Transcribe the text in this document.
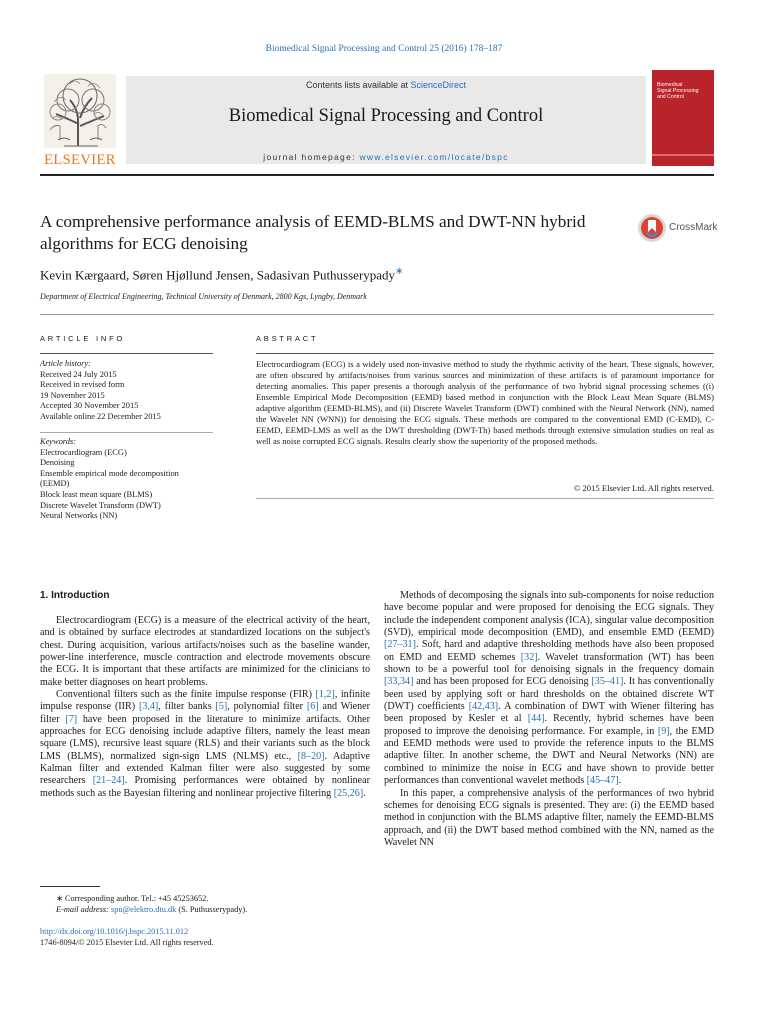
Biomedical Signal Processing and Control 25 (2016) 178–187
ELSEVIER
Contents lists available at ScienceDirect
Biomedical Signal Processing and Control
journal homepage: www.elsevier.com/locate/bspc
Biomedical
Signal Processing
and Control
A comprehensive performance analysis of EEMD-BLMS and DWT-NN hybrid algorithms for ECG denoising
CrossMark
Kevin Kærgaard, Søren Hjøllund Jensen, Sadasivan Puthusserypady∗
Department of Electrical Engineering, Technical University of Denmark, 2800 Kgs, Lyngby, Denmark
ARTICLE INFO
Article history:
Received 24 July 2015
Received in revised form
19 November 2015
Accepted 30 November 2015
Available online 22 December 2015
Keywords:
Electrocardiogram (ECG)
Denoising
Ensemble empirical mode decomposition
(EEMD)
Block least mean square (BLMS)
Discrete Wavelet Transform (DWT)
Neural Networks (NN)
ABSTRACT
Electrocardiogram (ECG) is a widely used non-invasive method to study the rhythmic activity of the heart. These signals, however, are often obscured by artifacts/noises from various sources and minimization of these artifacts is of paramount importance for detecting anomalies. This paper presents a thorough analysis of the performance of two hybrid signal processing schemes ((i) Ensemble Empirical Mode Decomposition (EEMD) based method in conjunction with the Block Least Mean Square (BLMS) adaptive algorithm (EEMD-BLMS), and (ii) Discrete Wavelet Transform (DWT) combined with the Neural Network (NN), named the Wavelet NN (WNN)) for denoising the ECG signals. These methods are compared to the conventional EMD (C-EMD), C-EEMD, EEMD-LMS as well as the DWT thresholding (DWT-Th) based methods through extensive simulation studies on real as well as noise corrupted ECG signals. Results clearly show the superiority of the proposed methods.
© 2015 Elsevier Ltd. All rights reserved.
1. Introduction

Electrocardiogram (ECG) is a measure of the electrical activity of the heart, and is obtained by surface electrodes at standardized locations on the subject's chest. During acquisition, various artifacts/noises such as the baseline wander, power-line interference, muscle contraction and electrode movements obscure the ECG. It is important that these artifacts are minimized for the clinicians to make better diagnoses on heart problems.

Conventional filters such as the finite impulse response (FIR) [1,2], infinite impulse response (IIR) [3,4], filter banks [5], polynomial filter [6] and Wiener filter [7] have been proposed in the literature to minimize artifacts. Other approaches for ECG denoising include adaptive filters, namely the least mean square (LMS), recursive least square (RLS) and their variants such as the block LMS (BLMS), normalized sign-sign LMS (NLMS) etc., [8–20]. Adaptive Kalman filter and extended Kalman filter were also suggested by some researchers [21–24]. Promising performances were obtained by nonlinear methods such as the Bayesian filtering and nonlinear projective filtering [25,26].

Methods of decomposing the signals into sub-components for noise reduction have become popular and were proposed for denoising the ECG signals. They include the independent component analysis (ICA), singular value decomposition (SVD), empirical mode decomposition (EMD), and ensemble EMD (EEMD) [27–31]. Soft, hard and adaptive thresholding methods have also been proposed on EMD and EEMD schemes [32]. Wavelet transformation (WT) has been shown to be a powerful tool for denoising signals in the frequency domain [33,34] and has been proposed for ECG denoising [35–41]. It has conventionally been used by applying soft or hard thresholds on the obtained discrete WT (DWT) coefficients [42,43]. A combination of DWT with Wiener filtering has been proposed by Kesler et al [44]. Recently, hybrid schemes have been proposed to improve the denoising performance. For example, in [9], the EMD and EEMD methods were used to provide the reference inputs to the BLMS adaptive filter. In another scheme, the DWT and Neural Networks (NN) are combined to minimize the noise in ECG and have shown to provide better performances than conventional wavelet methods [45–47].

In this paper, a comprehensive analysis of the performances of two hybrid schemes for denoising ECG signals is presented. They are: (i) the EEMD based method in conjunction with the BLMS adaptive filter, namely the EEMD-BLMS approach, and (ii) the DWT based method combined with the NN, named as the Wavelet NN

∗ Corresponding author. Tel.: +45 45253652.
E-mail address: spu@elektro.dtu.dk (S. Puthusserypady).
http://dx.doi.org/10.1016/j.bspc.2015.11.012
1746-8094/© 2015 Elsevier Ltd. All rights reserved.
